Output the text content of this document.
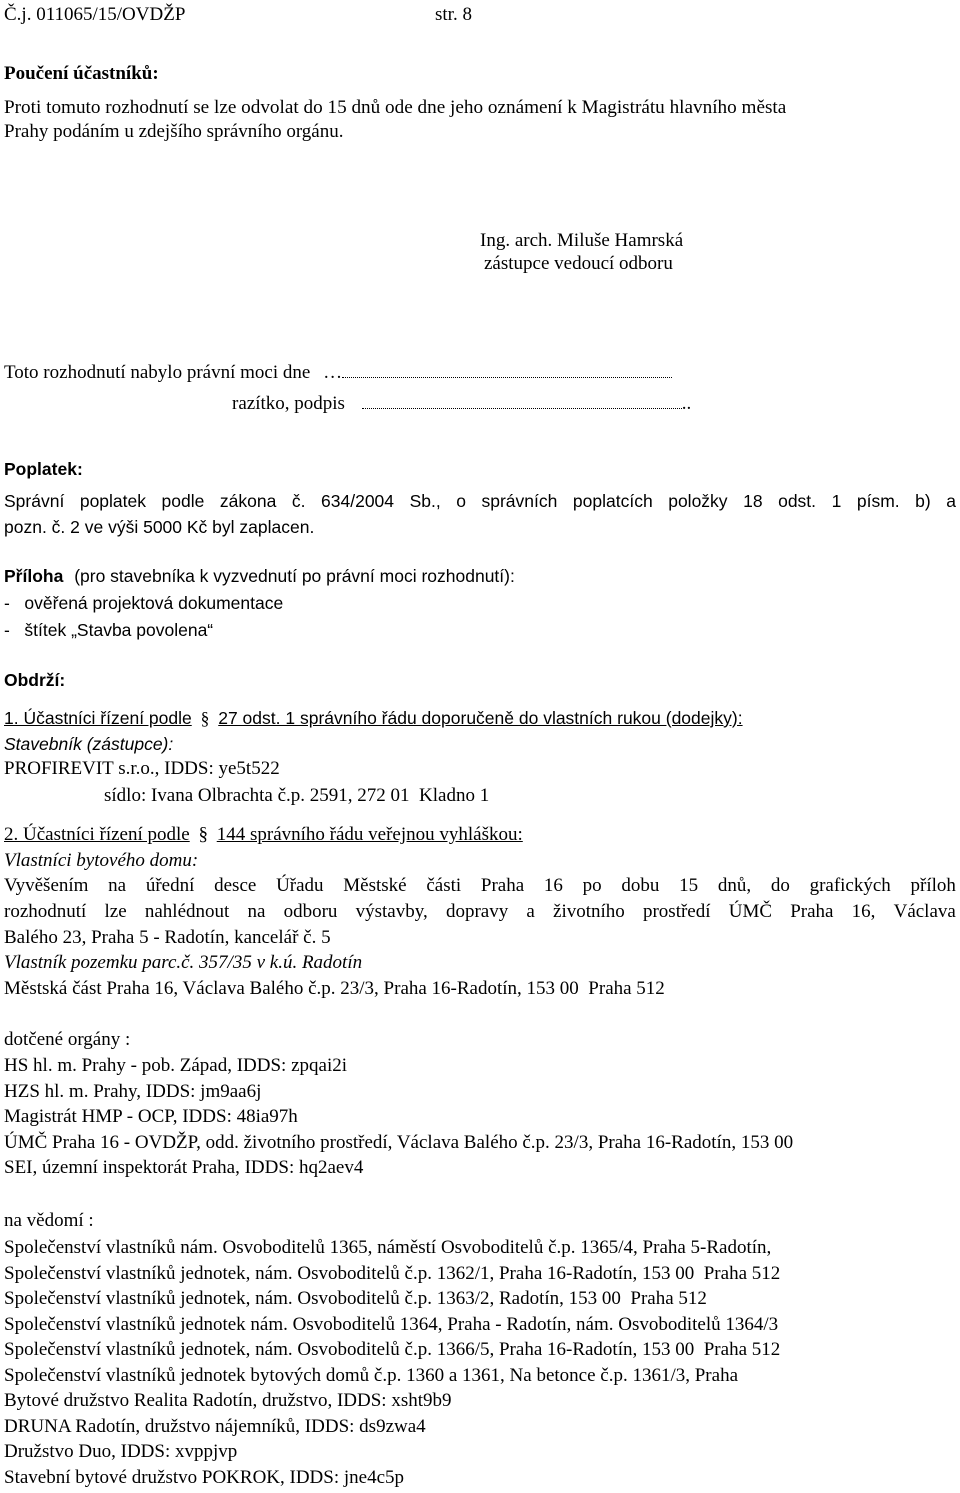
Č.j. 011065/15/OVDŽP	str. 8
Poučení účastníků:
Proti tomuto rozhodnutí se lze odvolat do 15 dnů ode dne jeho oznámení k Magistrátu hlavního města
Prahy podáním u zdejšího správního orgánu.
Ing. arch. Miluše Hamrská
zástupce vedoucí odboru
Toto rozhodnutí nabylo právní moci dne …
razítko, podpis	..
Poplatek:
Správní poplatek podle zákona č. 634/2004 Sb., o správních poplatcích položky 18 odst. 1 písm. b) a
pozn. č. 2 ve výši 5000 Kč byl zaplacen.
Příloha (pro stavebníka k vyzvednutí po právní moci rozhodnutí):
-   ověřená projektová dokumentace
-   štítek „Stavba povolena“
Obdrží:
1. Účastníci řízení podle § 27 odst. 1 správního řádu doporučeně do vlastních rukou (dodejky):
Stavebník (zástupce):
PROFIREVIT s.r.o., IDDS: ye5t522
sídlo: Ivana Olbrachta č.p. 2591, 272 01  Kladno 1
2. Účastníci řízení podle § 144 správního řádu veřejnou vyhláškou:
Vlastníci bytového domu:
Vyvěšením na úřední desce Úřadu Městské části Praha 16 po dobu 15 dnů, do grafických příloh
rozhodnutí lze nahlédnout na odboru výstavby, dopravy a životního prostředí ÚMČ Praha 16, Václava
Balého 23, Praha 5 - Radotín, kancelář č. 5
Vlastník pozemku parc.č. 357/35 v k.ú. Radotín
Městská část Praha 16, Václava Balého č.p. 23/3, Praha 16-Radotín, 153 00  Praha 512
dotčené orgány :
HS hl. m. Prahy - pob. Západ, IDDS: zpqai2i
HZS hl. m. Prahy, IDDS: jm9aa6j
Magistrát HMP - OCP, IDDS: 48ia97h
ÚMČ Praha 16 - OVDŽP, odd. životního prostředí, Václava Balého č.p. 23/3, Praha 16-Radotín, 153 00
SEI, územní inspektorát Praha, IDDS: hq2aev4
na vědomí :
Společenství vlastníků nám. Osvoboditelů 1365, náměstí Osvoboditelů č.p. 1365/4, Praha 5-Radotín,
Společenství vlastníků jednotek, nám. Osvoboditelů č.p. 1362/1, Praha 16-Radotín, 153 00  Praha 512
Společenství vlastníků jednotek, nám. Osvoboditelů č.p. 1363/2, Radotín, 153 00  Praha 512
Společenství vlastníků jednotek nám. Osvoboditelů 1364, Praha - Radotín, nám. Osvoboditelů 1364/3
Společenství vlastníků jednotek, nám. Osvoboditelů č.p. 1366/5, Praha 16-Radotín, 153 00  Praha 512
Společenství vlastníků jednotek bytových domů č.p. 1360 a 1361, Na betonce č.p. 1361/3, Praha
Bytové družstvo Realita Radotín, družstvo, IDDS: xsht9b9
DRUNA Radotín, družstvo nájemníků, IDDS: ds9zwa4
Družstvo Duo, IDDS: xvppjvp
Stavební bytové družstvo POKROK, IDDS: jne4c5p
